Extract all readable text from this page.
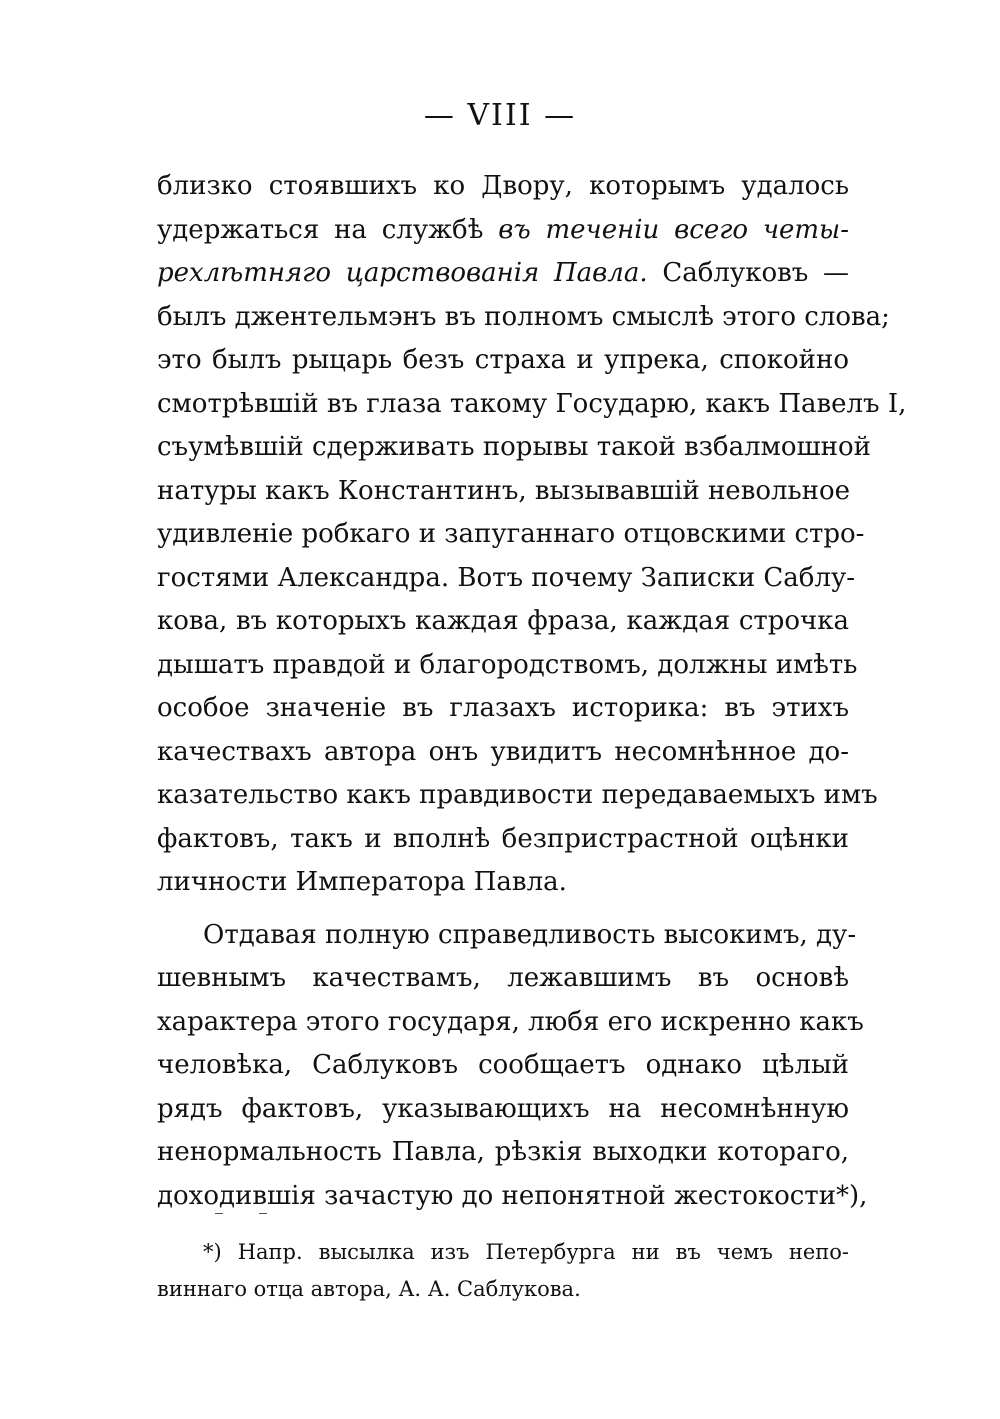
— VIII —
близко стоявшихъ ко Двору, которымъ удалось
удержаться на службѣ въ теченіи всего четы-
рехлѣтняго царствованія Павла. Саблуковъ —
былъ джентельмэнъ въ полномъ смыслѣ этого слова;
это былъ рыцарь безъ страха и упрека, спокойно
смотрѣвшій въ глаза такому Государю, какъ Павелъ I,
съумѣвшій сдерживать порывы такой взбалмошной
натуры какъ Константинъ, вызывавшій невольное
удивленіе робкаго и запуганнаго отцовскими стро-
гостями Александра. Вотъ почему Записки Саблу-
кова, въ которыхъ каждая фраза, каждая строчка
дышатъ правдой и благородствомъ, должны имѣть
особое значеніе въ глазахъ историка: въ этихъ
качествахъ автора онъ увидитъ несомнѣнное до-
казательство какъ правдивости передаваемыхъ имъ
фактовъ, такъ и вполнѣ безпристрастной оцѣнки
личности Императора Павла.
Отдавая полную справедливость высокимъ, ду-
шевнымъ качествамъ, лежавшимъ въ основѣ
характера этого государя, любя его искренно какъ
человѣка, Саблуковъ сообщаетъ однако цѣлый
рядъ фактовъ, указывающихъ на несомнѣнную
ненормальность Павла, рѣзкія выходки котораго,
доходившія зачастую до непонятной жестокости*),
*) Напр. высылка изъ Петербурга ни въ чемъ непо-
виннаго отца автора, А. А. Саблукова.
